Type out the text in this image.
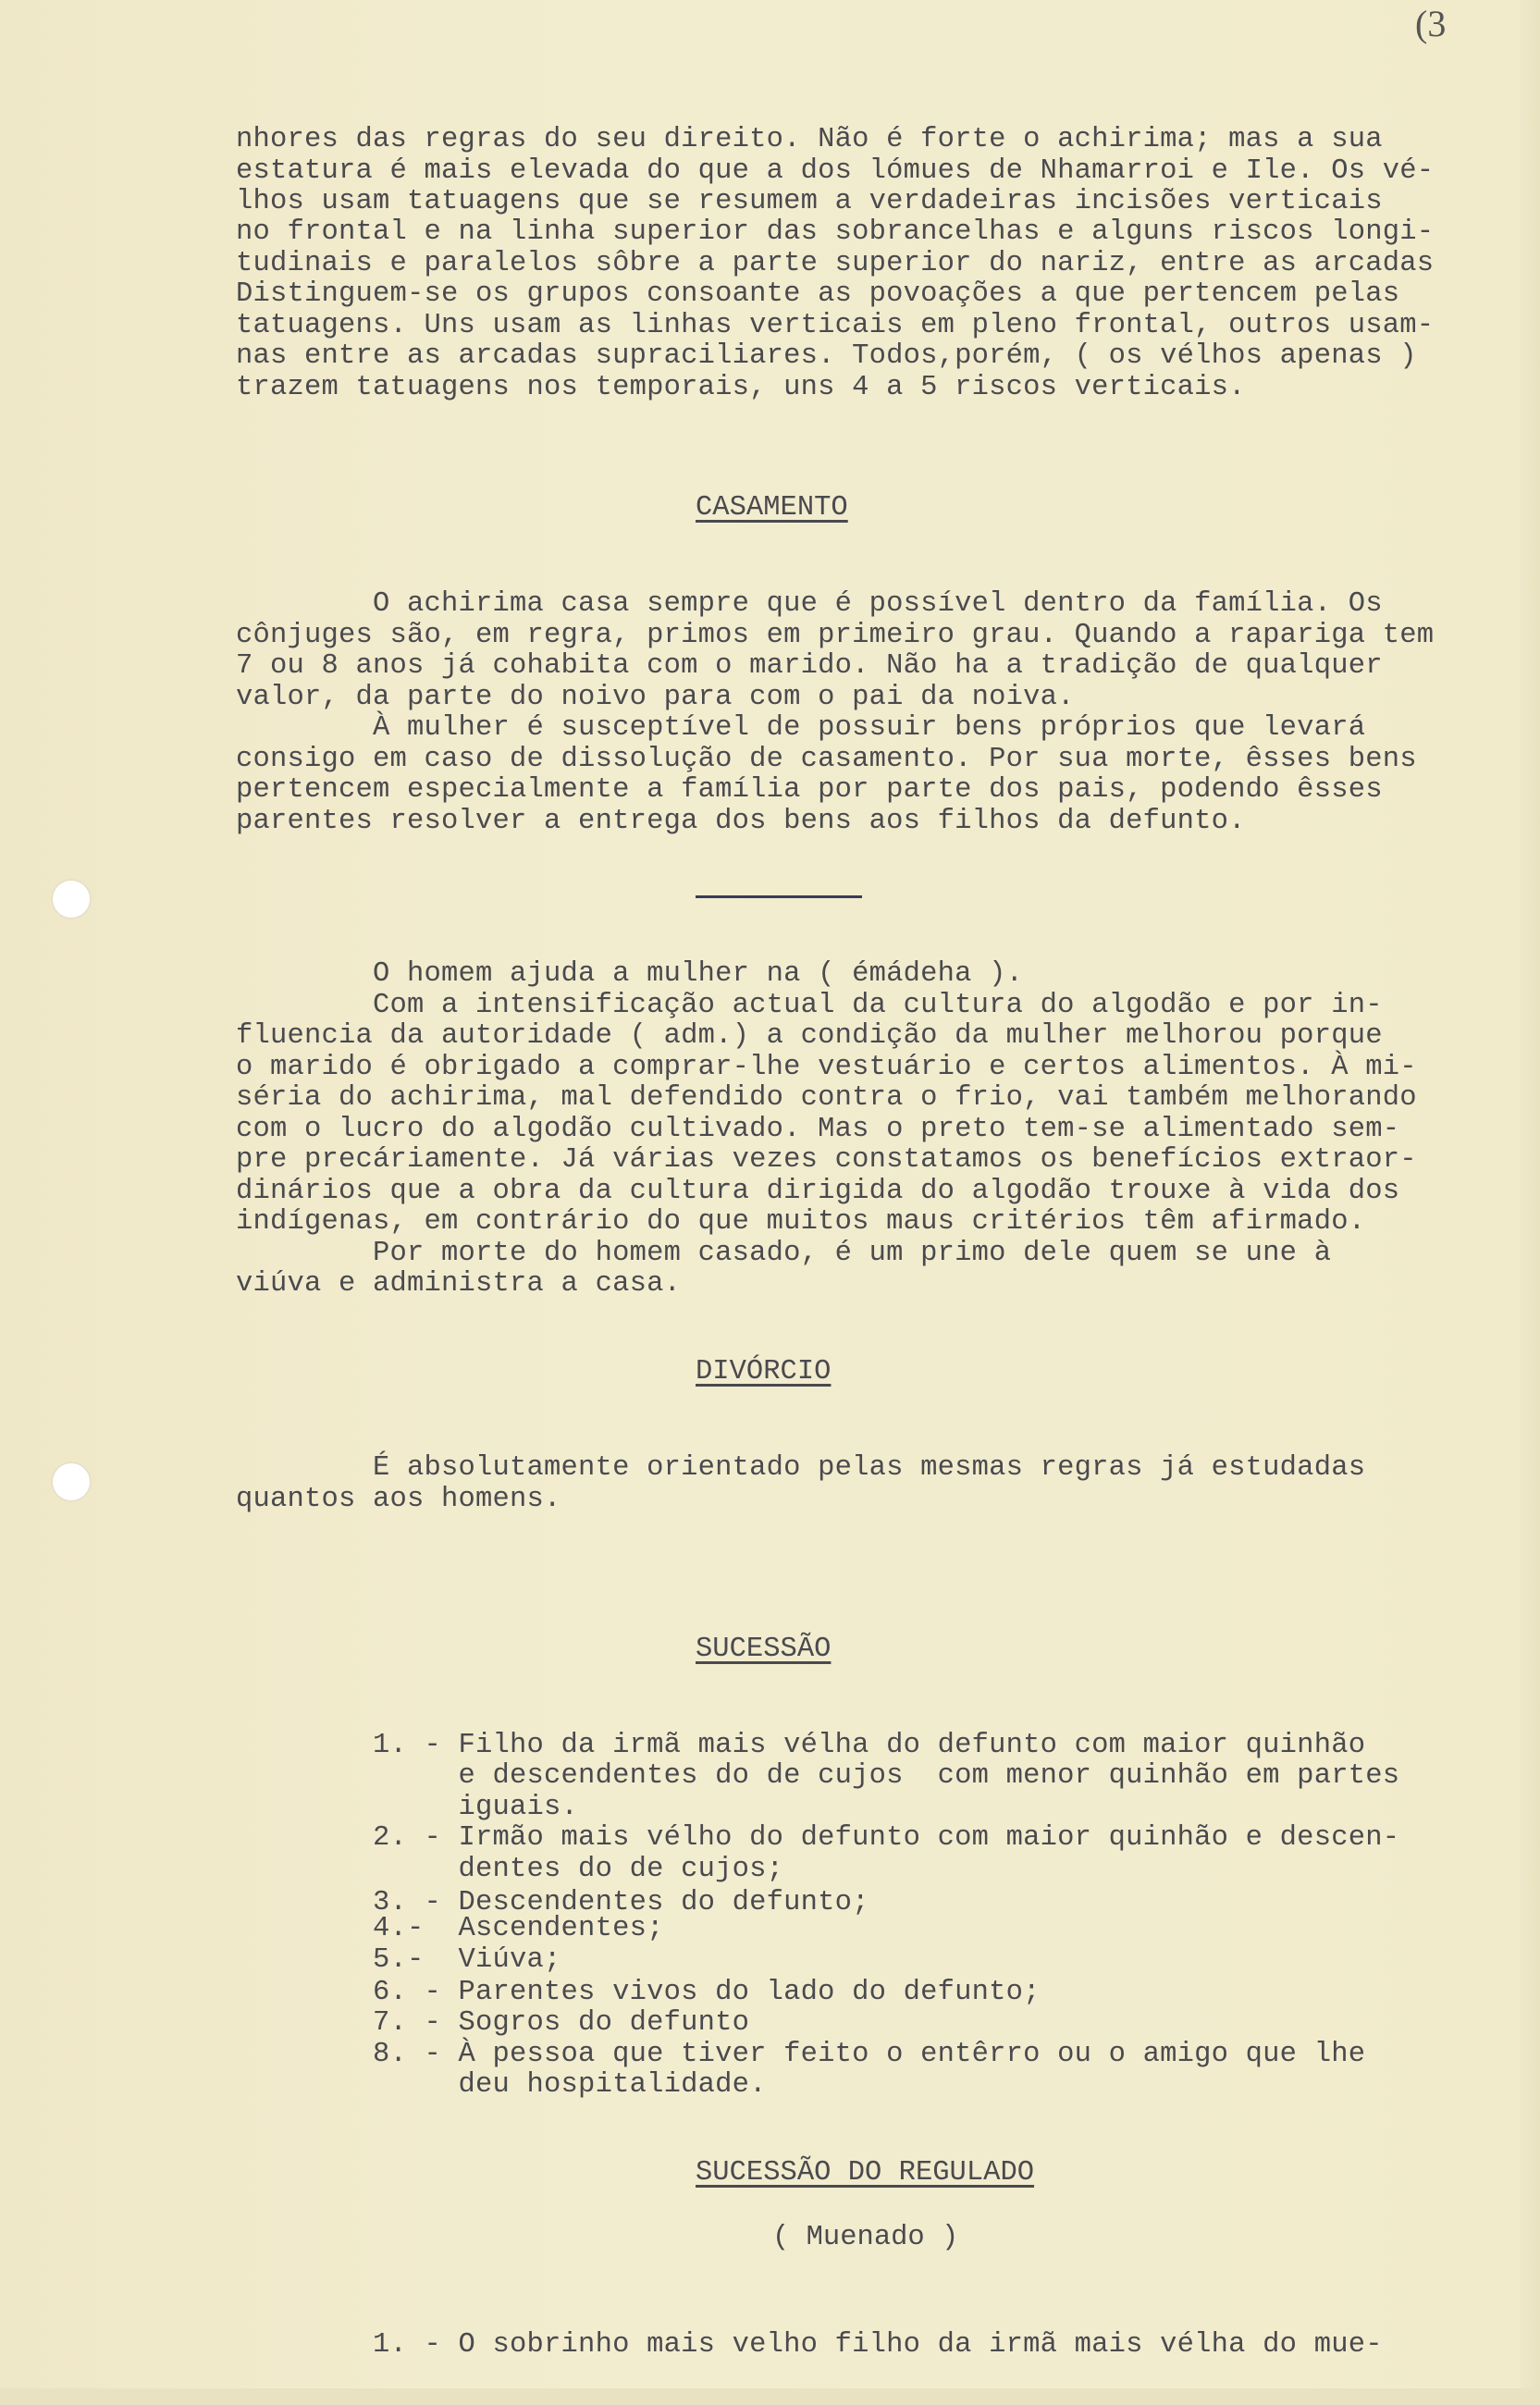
(3
nhores das regras do seu direito. Não é forte o achirima; mas a sua
estatura é mais elevada do que a dos lómues de Nhamarroi e Ile. Os vé-
lhos usam tatuagens que se resumem a verdadeiras incisões verticais
no frontal e na linha superior das sobrancelhas e alguns riscos longi-
tudinais e paralelos sôbre a parte superior do nariz, entre as arcadas
Distinguem-se os grupos consoante as povoações a que pertencem pelas
tatuagens. Uns usam as linhas verticais em pleno frontal, outros usam-
nas entre as arcadas supraciliares. Todos,porém, ( os vélhos apenas )
trazem tatuagens nos temporais, uns 4 a 5 riscos verticais.
CASAMENTO
O achirima casa sempre que é possível dentro da família. Os
cônjuges são, em regra, primos em primeiro grau. Quando a rapariga tem
7 ou 8 anos já cohabita com o marido. Não ha a tradição de qualquer
valor, da parte do noivo para com o pai da noiva.
À mulher é susceptível de possuir bens próprios que levará
consigo em caso de dissolução de casamento. Por sua morte, êsses bens
pertencem especialmente a família por parte dos pais, podendo êsses
parentes resolver a entrega dos bens aos filhos da defunto.
O homem ajuda a mulher na ( émádeha ).
Com a intensificação actual da cultura do algodão e por in-
fluencia da autoridade ( adm.) a condição da mulher melhorou porque
o marido é obrigado a comprar-lhe vestuário e certos alimentos. À mi-
séria do achirima, mal defendido contra o frio, vai também melhorando
com o lucro do algodão cultivado. Mas o preto tem-se alimentado sem-
pre precáriamente. Já várias vezes constatamos os benefícios extraor-
dinários que a obra da cultura dirigida do algodão trouxe à vida dos
indígenas, em contrário do que muitos maus critérios têm afirmado.
Por morte do homem casado, é um primo dele quem se une à
viúva e administra a casa.
DIVÓRCIO
É absolutamente orientado pelas mesmas regras já estudadas
quantos aos homens.
SUCESSÃO
1. - Filho da irmã mais vélha do defunto com maior quinhão
e descendentes do de cujos  com menor quinhão em partes
iguais.
2. - Irmão mais vélho do defunto com maior quinhão e descen-
dentes do de cujos;
3. - Descendentes do defunto;
4.-  Ascendentes;
5.-  Viúva;
6. - Parentes vivos do lado do defunto;
7. - Sogros do defunto
8. - À pessoa que tiver feito o entêrro ou o amigo que lhe
deu hospitalidade.
SUCESSÃO DO REGULADO
( Muenado )
1. - O sobrinho mais velho filho da irmã mais vélha do mue-
